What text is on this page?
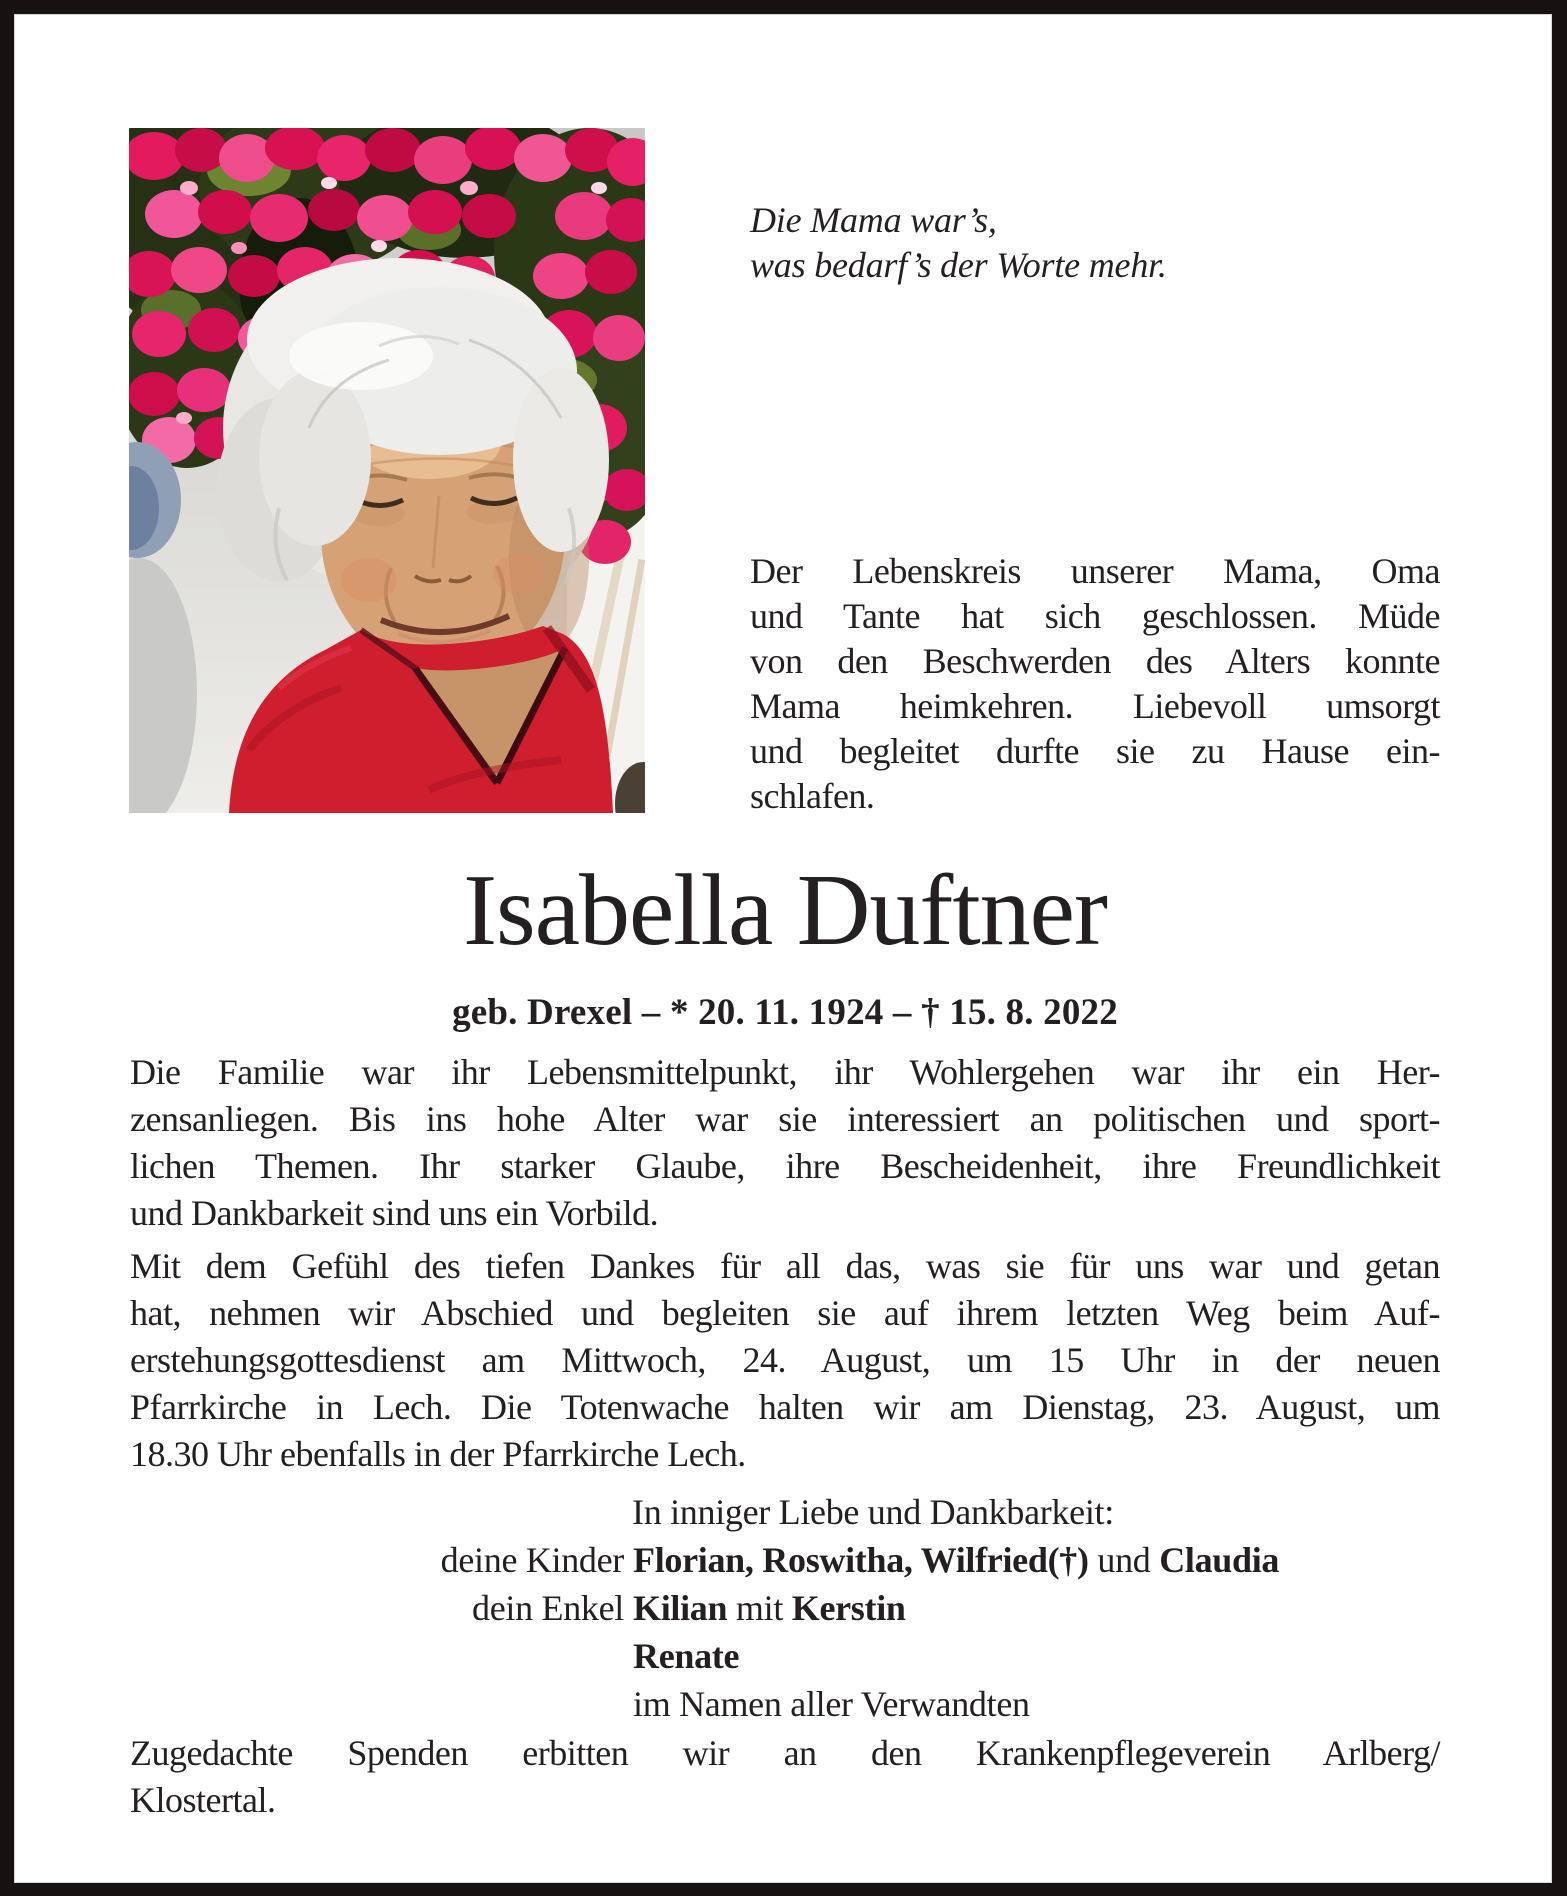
Die Mama war’s,
was bedarf’s der Worte mehr.
Der Lebenskreis unserer Mama, Oma
und Tante hat sich geschlossen. Müde
von den Beschwerden des Alters konnte
Mama heimkehren. Liebevoll umsorgt
und begleitet durfte sie zu Hause ein-
schlafen.
Isabella Duftner
geb. Drexel – * 20. 11. 1924 – † 15. 8. 2022
Die Familie war ihr Lebensmittelpunkt, ihr Wohlergehen war ihr ein Her-
zensanliegen. Bis ins hohe Alter war sie interessiert an politischen und sport-
lichen Themen. Ihr starker Glaube, ihre Bescheidenheit, ihre Freundlichkeit
und Dankbarkeit sind uns ein Vorbild.
Mit dem Gefühl des tiefen Dankes für all das, was sie für uns war und getan
hat, nehmen wir Abschied und begleiten sie auf ihrem letzten Weg beim Auf-
erstehungsgottesdienst am Mittwoch, 24. August, um 15 Uhr in der neuen
Pfarrkirche in Lech. Die Totenwache halten wir am Dienstag, 23. August, um
18.30 Uhr ebenfalls in der Pfarrkirche Lech.
In inniger Liebe und Dankbarkeit:
deine Kinder Florian, Roswitha, Wilfried(†) und Claudia
dein Enkel Kilian mit Kerstin
Renate
im Namen aller Verwandten
Zugedachte Spenden erbitten wir an den Krankenpflegeverein Arlberg/
Klostertal.
